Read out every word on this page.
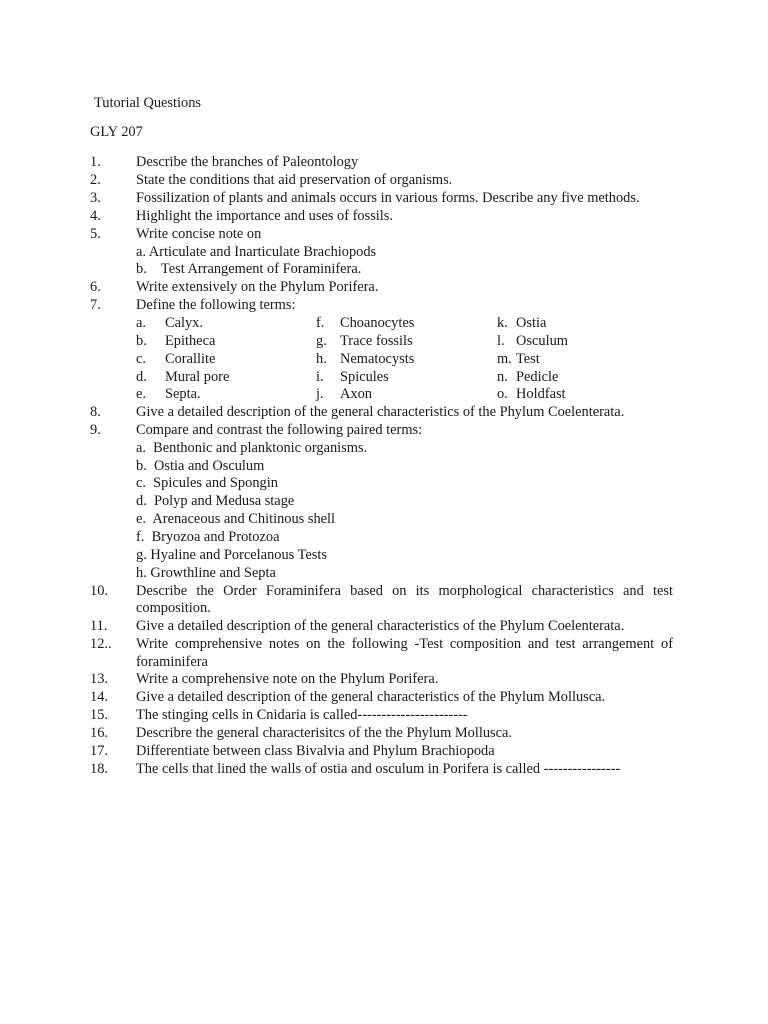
Tutorial Questions
GLY 207
1. Describe the branches of Paleontology
2. State the conditions that aid preservation of organisms.
3. Fossilization of plants and animals occurs in various forms. Describe any five methods.
4. Highlight the importance and uses of fossils.
5. Write concise note on
a. Articulate and Inarticulate Brachiopods
b.    Test Arrangement of Foraminifera.
6. Write extensively on the Phylum Porifera.
7. Define the following terms:
a. Calyx.	f. Choanocytes	k. Ostia
b. Epitheca	g. Trace fossils	l. Osculum
c. Corallite	h. Nematocysts	m. Test
d. Mural pore	i. Spicules	n. Pedicle
e. Septa.	j. Axon	o. Holdfast
8. Give a detailed description of the general characteristics of the Phylum Coelenterata.
9. Compare and contrast the following paired terms:
a.  Benthonic and planktonic organisms.
b.  Ostia and Osculum
c.  Spicules and Spongin
d.  Polyp and Medusa stage
e.  Arenaceous and Chitinous shell
f.  Bryozoa and Protozoa
g. Hyaline and Porcelanous Tests
h. Growthline and Septa
10. Describe the Order Foraminifera based on its morphological characteristics and test
composition.
11. Give a detailed description of the general characteristics of the Phylum Coelenterata.
12.. Write comprehensive notes on the following -Test composition and test arrangement of
foraminifera
13. Write a comprehensive note on the Phylum Porifera.
14. Give a detailed description of the general characteristics of the Phylum Mollusca.
15. The stinging cells in Cnidaria is called-----------------------
16. Describre the general characterisitcs of the the Phylum Mollusca.
17. Differentiate between class Bivalvia and Phylum Brachiopoda
18. The cells that lined the walls of ostia and osculum in Porifera is called ----------------
